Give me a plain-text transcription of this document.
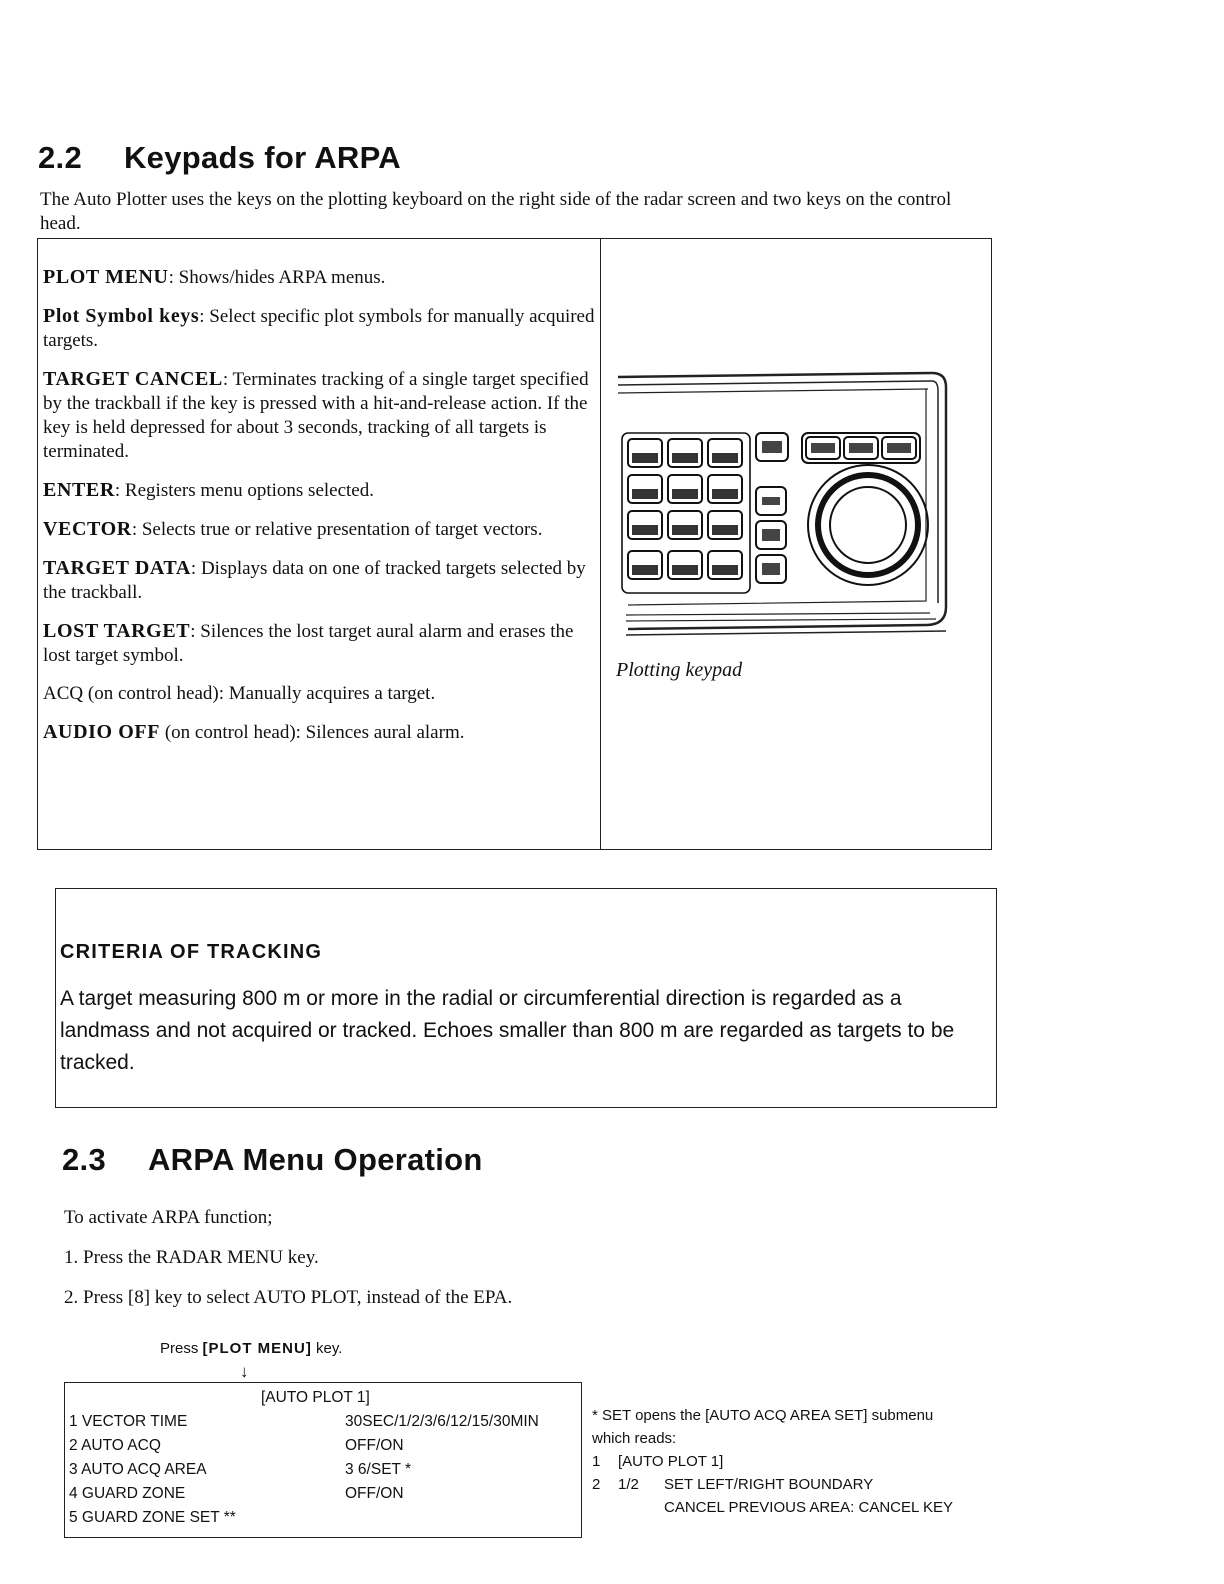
2.2 Keypads for ARPA
The Auto Plotter uses the keys on the plotting keyboard on the right side of the radar screen and two keys on the control head.

PLOT MENU: Shows/hides ARPA menus.

Plot Symbol keys: Select specific plot symbols for manually acquired targets.

TARGET CANCEL: Terminates tracking of a single target specified by the trackball if the key is pressed with a hit-and-release action. If the key is held depressed for about 3 seconds, tracking of all targets is terminated.

ENTER: Registers menu options selected.

VECTOR: Selects true or relative presentation of target vectors.

TARGET DATA: Displays data on one of tracked targets selected by the trackball.

LOST TARGET: Silences the lost target aural alarm and erases the lost target symbol.

ACQ (on control head): Manually acquires a target.

AUDIO OFF (on control head): Silences aural alarm.

Plotting keypad
CRITERIA OF TRACKING
A target measuring 800 m or more in the radial or circumferential direction is regarded as a landmass and not acquired or tracked. Echoes smaller than 800 m are regarded as targets to be tracked.
2.3 ARPA Menu Operation

To activate ARPA function;

1. Press the RADAR MENU key.

2. Press [8] key to select AUTO PLOT, instead of the EPA.

Press [PLOT MENU] key.
↓
[AUTO PLOT 1]
1 VECTOR TIME	30SEC/1/2/3/6/12/15/30MIN
2 AUTO ACQ	OFF/ON
3 AUTO ACQ AREA	3 6/SET *
4 GUARD ZONE	OFF/ON
5 GUARD ZONE SET **
* SET opens the [AUTO ACQ AREA SET] submenu
which reads:
1 [AUTO PLOT 1]
2 1/2 SET LEFT/RIGHT BOUNDARY
CANCEL PREVIOUS AREA: CANCEL KEY
